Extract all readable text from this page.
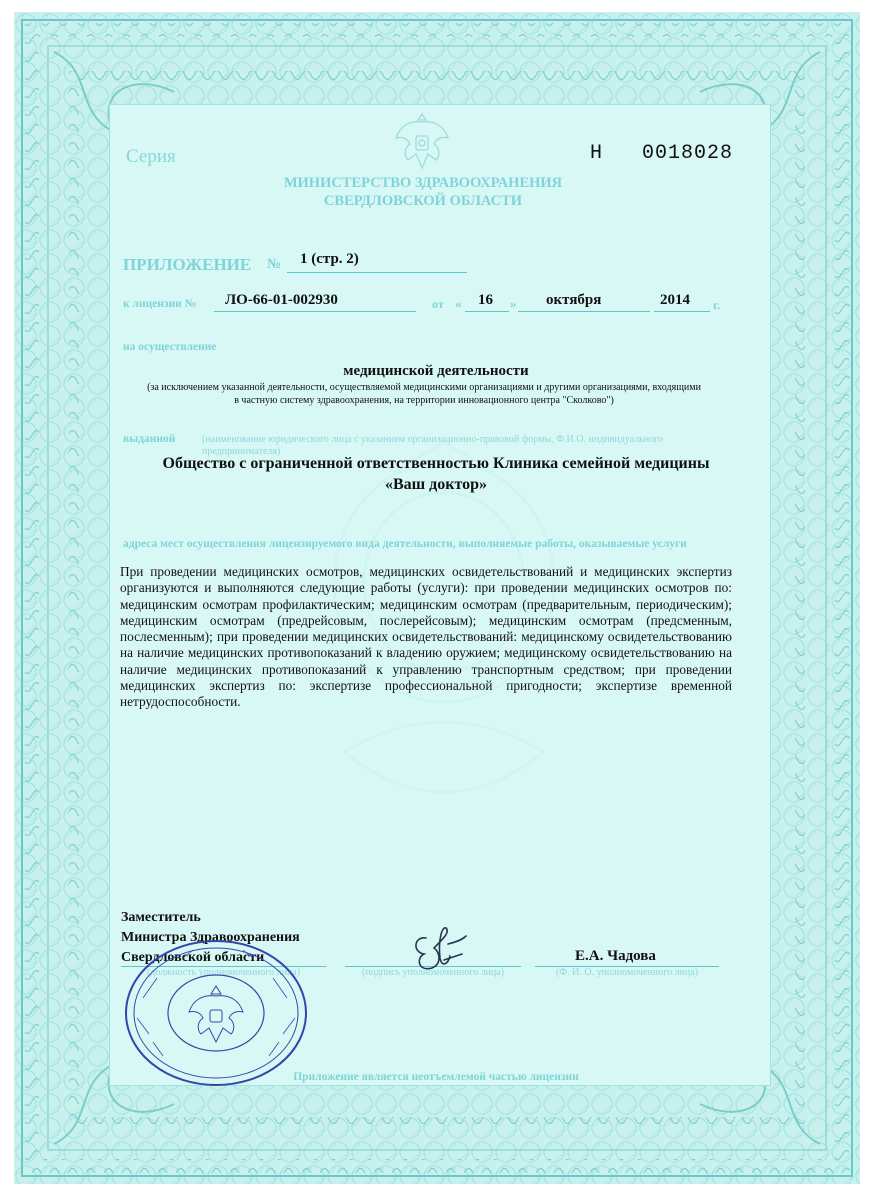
Серия	Н   0018028
МИНИСТЕРСТВО ЗДРАВООХРАНЕНИЯ
СВЕРДЛОВСКОЙ ОБЛАСТИ
ПРИЛОЖЕНИЕ № 1 (стр. 2)
к лицензии № ЛО-66-01-002930	от « 16 » октября	2014 г.
на осуществление
медицинской деятельности
(за исключением указанной деятельности, осуществляемой медицинскими организациями и другими организациями, входящими в частную систему здравоохранения, на территории инновационного центра "Сколково")
выданной	(наименование юридического лица с указанием организационно-правовой формы, Ф.И.О. индивидуального предпринимателя)
Общество с ограниченной ответственностью Клиника семейной медицины
«Ваш доктор»
адреса мест осуществления лицензируемого вида деятельности, выполняемые работы, оказываемые услуги
При проведении медицинских осмотров, медицинских освидетельствований и медицинских экспертиз организуются и выполняются следующие работы (услуги): при проведении медицинских осмотров по: медицинским осмотрам профилактическим; медицинским осмотрам (предварительным, периодическим); медицинским осмотрам (предрейсовым, послерейсовым); медицинским осмотрам (предсменным, послесменным); при проведении медицинских освидетельствований: медицинскому освидетельствованию на наличие медицинских противопоказаний к владению оружием; медицинскому освидетельствованию на наличие медицинских противопоказаний к управлению транспортным средством; при проведении медицинских экспертиз по: экспертизе профессиональной пригодности; экспертизе временной нетрудоспособности.
Заместитель
Министра Здравоохранения
Свердловской области
(должность уполномоченного лица)	(подпись уполномоченного лица)
Е.А. Чадова
(Ф. И. О. уполномоченного лица)
Приложение является неотъемлемой частью лицензии
